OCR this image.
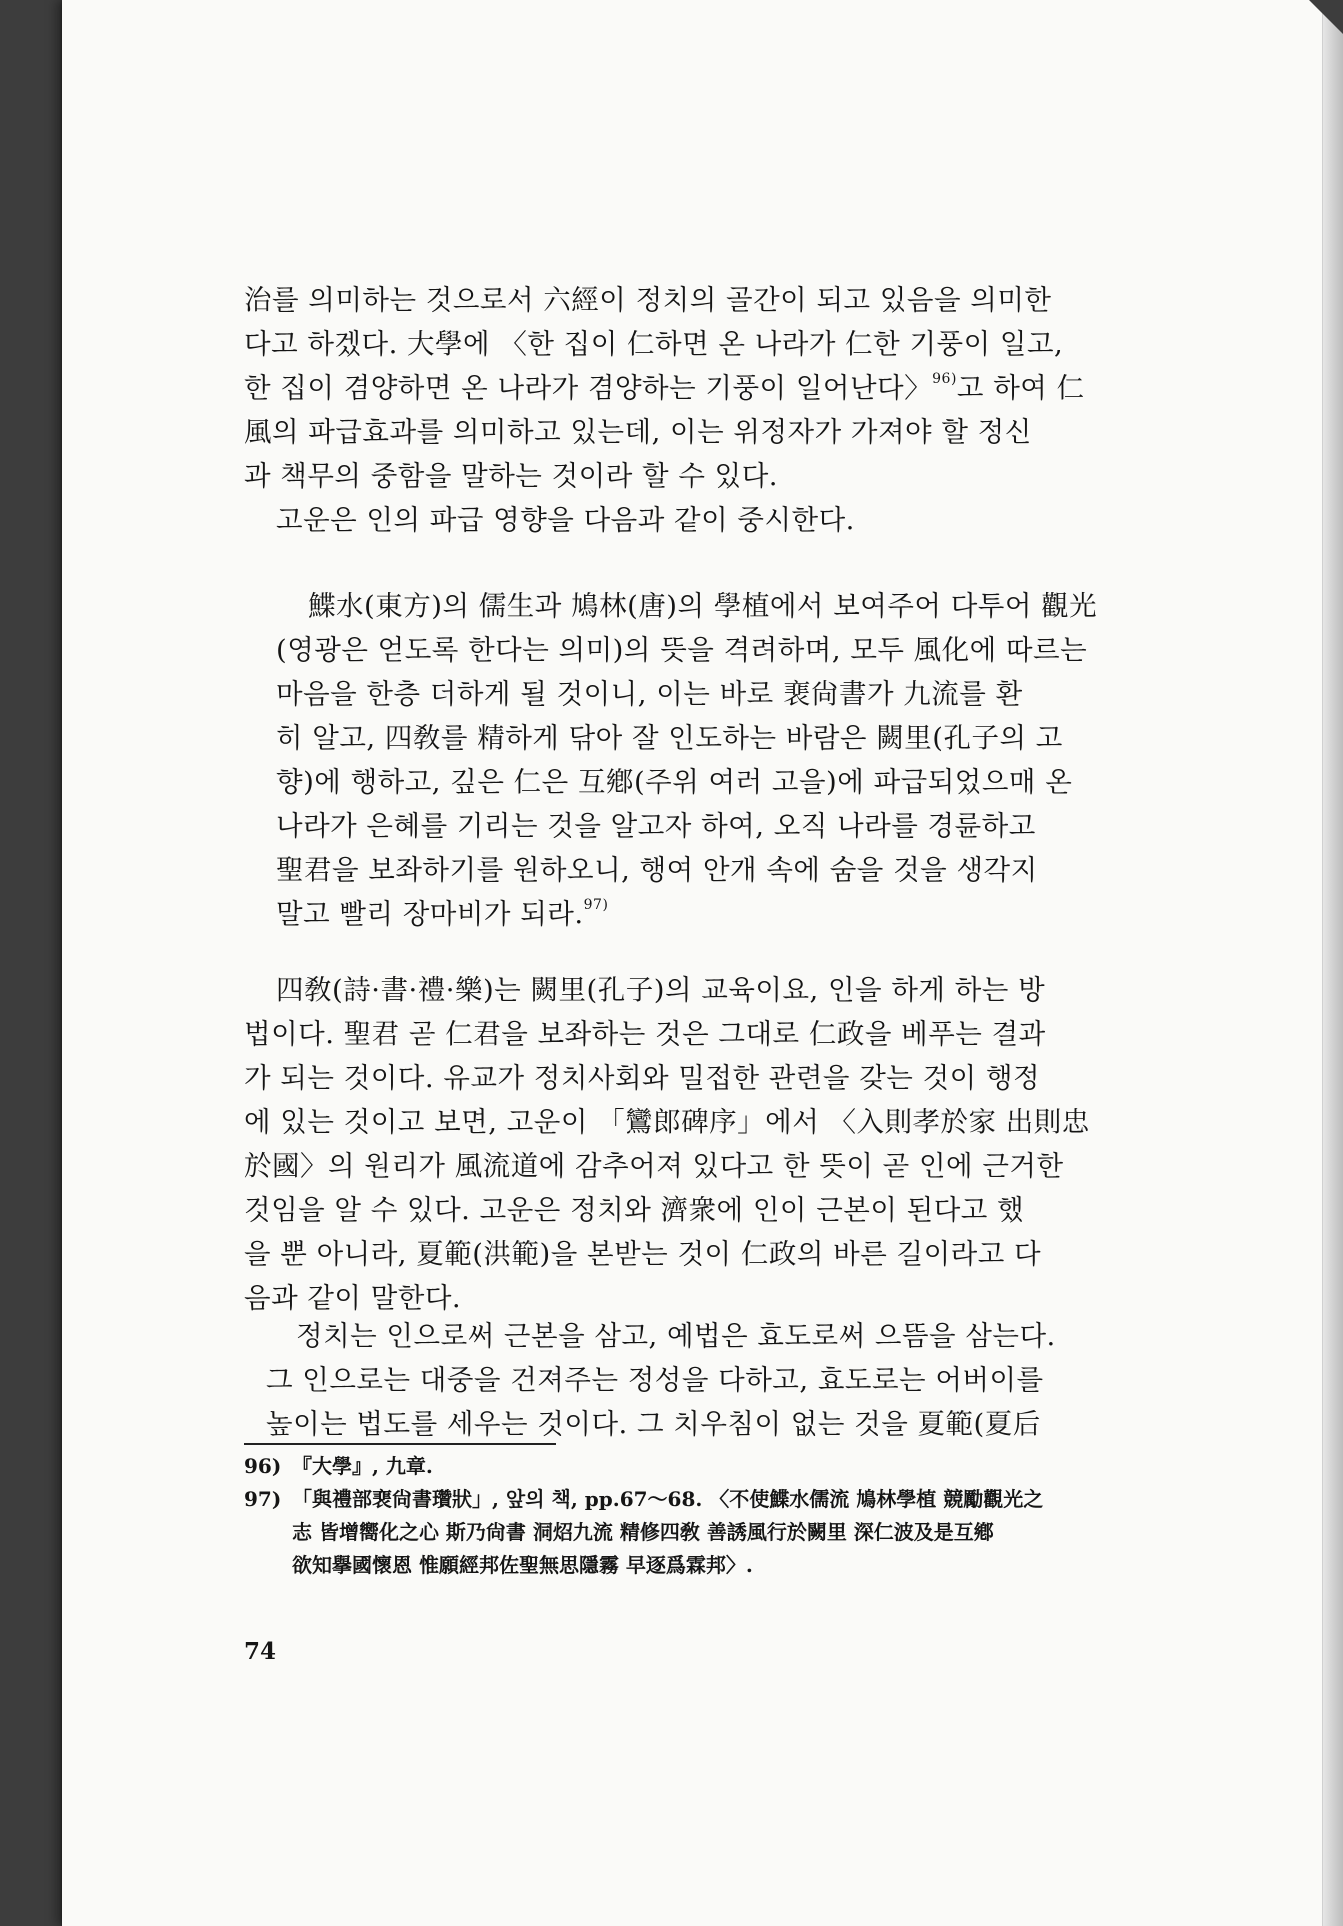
治를 의미하는 것으로서 六經이 정치의 골간이 되고 있음을 의미한
다고 하겠다. 大學에 〈한 집이 仁하면 온 나라가 仁한 기풍이 일고,
한 집이 겸양하면 온 나라가 겸양하는 기풍이 일어난다〉$^{96)}$고 하여 仁
風의 파급효과를 의미하고 있는데, 이는 위정자가 가져야 할 정신
과 책무의 중함을 말하는 것이라 할 수 있다.
고운은 인의 파급 영향을 다음과 같이 중시한다.
鰈水(東方)의 儒生과 鳩林(唐)의 學植에서 보여주어 다투어 觀光
(영광은 얻도록 한다는 의미)의 뜻을 격려하며, 모두 風化에 따르는
마음을 한층 더하게 될 것이니, 이는 바로 裵尙書가 九流를 환
히 알고, 四敎를 精하게 닦아 잘 인도하는 바람은 闕里(孔子의 고
향)에 행하고, 깊은 仁은 互鄕(주위 여러 고을)에 파급되었으매 온
나라가 은혜를 기리는 것을 알고자 하여, 오직 나라를 경륜하고
聖君을 보좌하기를 원하오니, 행여 안개 속에 숨을 것을 생각지
말고 빨리 장마비가 되라.$^{97)}$
四敎(詩·書·禮·樂)는 闕里(孔子)의 교육이요, 인을 하게 하는 방
법이다. 聖君 곧 仁君을 보좌하는 것은 그대로 仁政을 베푸는 결과
가 되는 것이다. 유교가 정치사회와 밀접한 관련을 갖는 것이 행정
에 있는 것이고 보면, 고운이 「鸞郎碑序」에서 〈入則孝於家 出則忠
於國〉의 원리가 風流道에 감추어져 있다고 한 뜻이 곧 인에 근거한
것임을 알 수 있다. 고운은 정치와 濟衆에 인이 근본이 된다고 했
을 뿐 아니라, 夏範(洪範)을 본받는 것이 仁政의 바른 길이라고 다
음과 같이 말한다.
정치는 인으로써 근본을 삼고, 예법은 효도로써 으뜸을 삼는다.
그 인으로는 대중을 건져주는 정성을 다하고, 효도로는 어버이를
높이는 법도를 세우는 것이다. 그 치우침이 없는 것을 夏範(夏后
96) 『大學』, 九章.
97) 「與禮部裵尙書瓚狀」, 앞의 책, pp.67～68. 〈不使鰈水儒流 鳩林學植 競勵觀光之
志 皆增嚮化之心 斯乃尙書 洞炤九流 精修四敎 善誘風行於闕里 深仁波及是互鄕
欲知擧國懷恩 惟願經邦佐聖無思隱霧 早逐爲霖邦〉.
74
